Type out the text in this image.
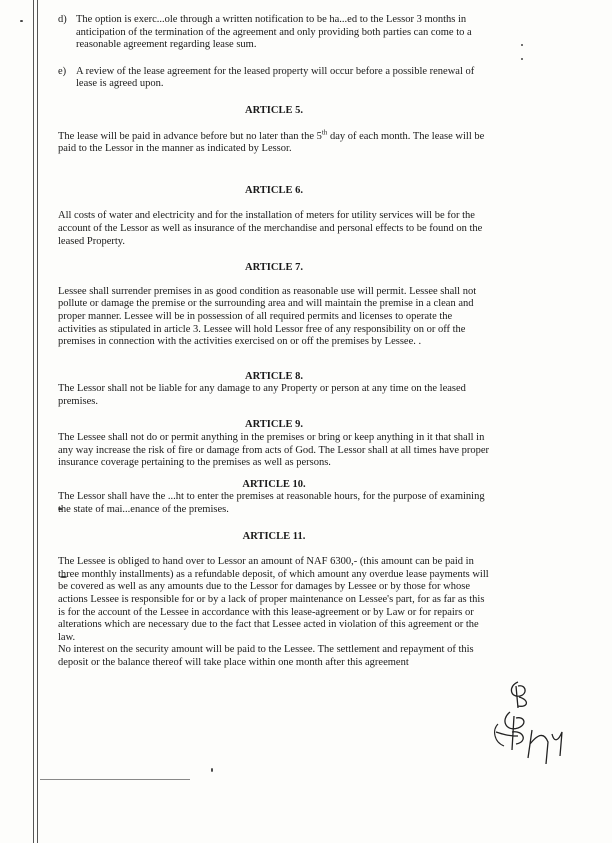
d) The option is exerc...ole through a written notification to be ha...ed to the Lessor 3 months in anticipation of the termination of the agreement and only providing both parties can come to a reasonable agreement regarding lease sum.
e) A review of the lease agreement for the leased property will occur before a possible renewal of lease is agreed upon.

ARTICLE 5.

The lease will be paid in advance before but no later than the 5th day of each month. The lease will be paid to the Lessor in the manner as indicated by Lessor.

ARTICLE 6.

All costs of water and electricity and for the installation of meters for utility services will be for the account of the Lessor as well as insurance of the merchandise and personal effects to be found on the leased Property.

ARTICLE 7.

Lessee shall surrender premises in as good condition as reasonable use will permit. Lessee shall not pollute or damage the premise or the surrounding area and will maintain the premise in a clean and proper manner. Lessee will be in possession of all required permits and licenses to operate the activities as stipulated in article 3. Lessee will hold Lessor free of any responsibility on or off the premises in connection with the activities exercised on or off the premises by Lessee. .

ARTICLE 8.

The Lessor shall not be liable for any damage to any Property or person at any time on the leased premises.

ARTICLE 9.

The Lessee shall not do or permit anything in the premises or bring or keep anything in it that shall in any way increase the risk of fire or damage from acts of God. The Lessor shall at all times have proper insurance coverage pertaining to the premises as well as persons.

ARTICLE 10.

The Lessor shall have the ...ht to enter the premises at reasonable hours, for the purpose of examining the state of mai...enance of the premises.

ARTICLE 11.

The Lessee is obliged to hand over to Lessor an amount of NAF 6300,- (this amount can be paid in three monthly installments) as a refundable deposit, of which amount any overdue lease payments will be covered as well as any amounts due to the Lessor for damages by Lessee or by those for whose actions Lessee is responsible for or by a lack of proper maintenance on Lessee's part, for as far as this is for the account of the Lessee in accordance with this lease-agreement or by Law or for repairs or alterations which are necessary due to the fact that Lessee acted in violation of this agreement or the law.

No interest on the security amount will be paid to the Lessee. The settlement and repayment of this deposit or the balance thereof will take place within one month after this agreement
